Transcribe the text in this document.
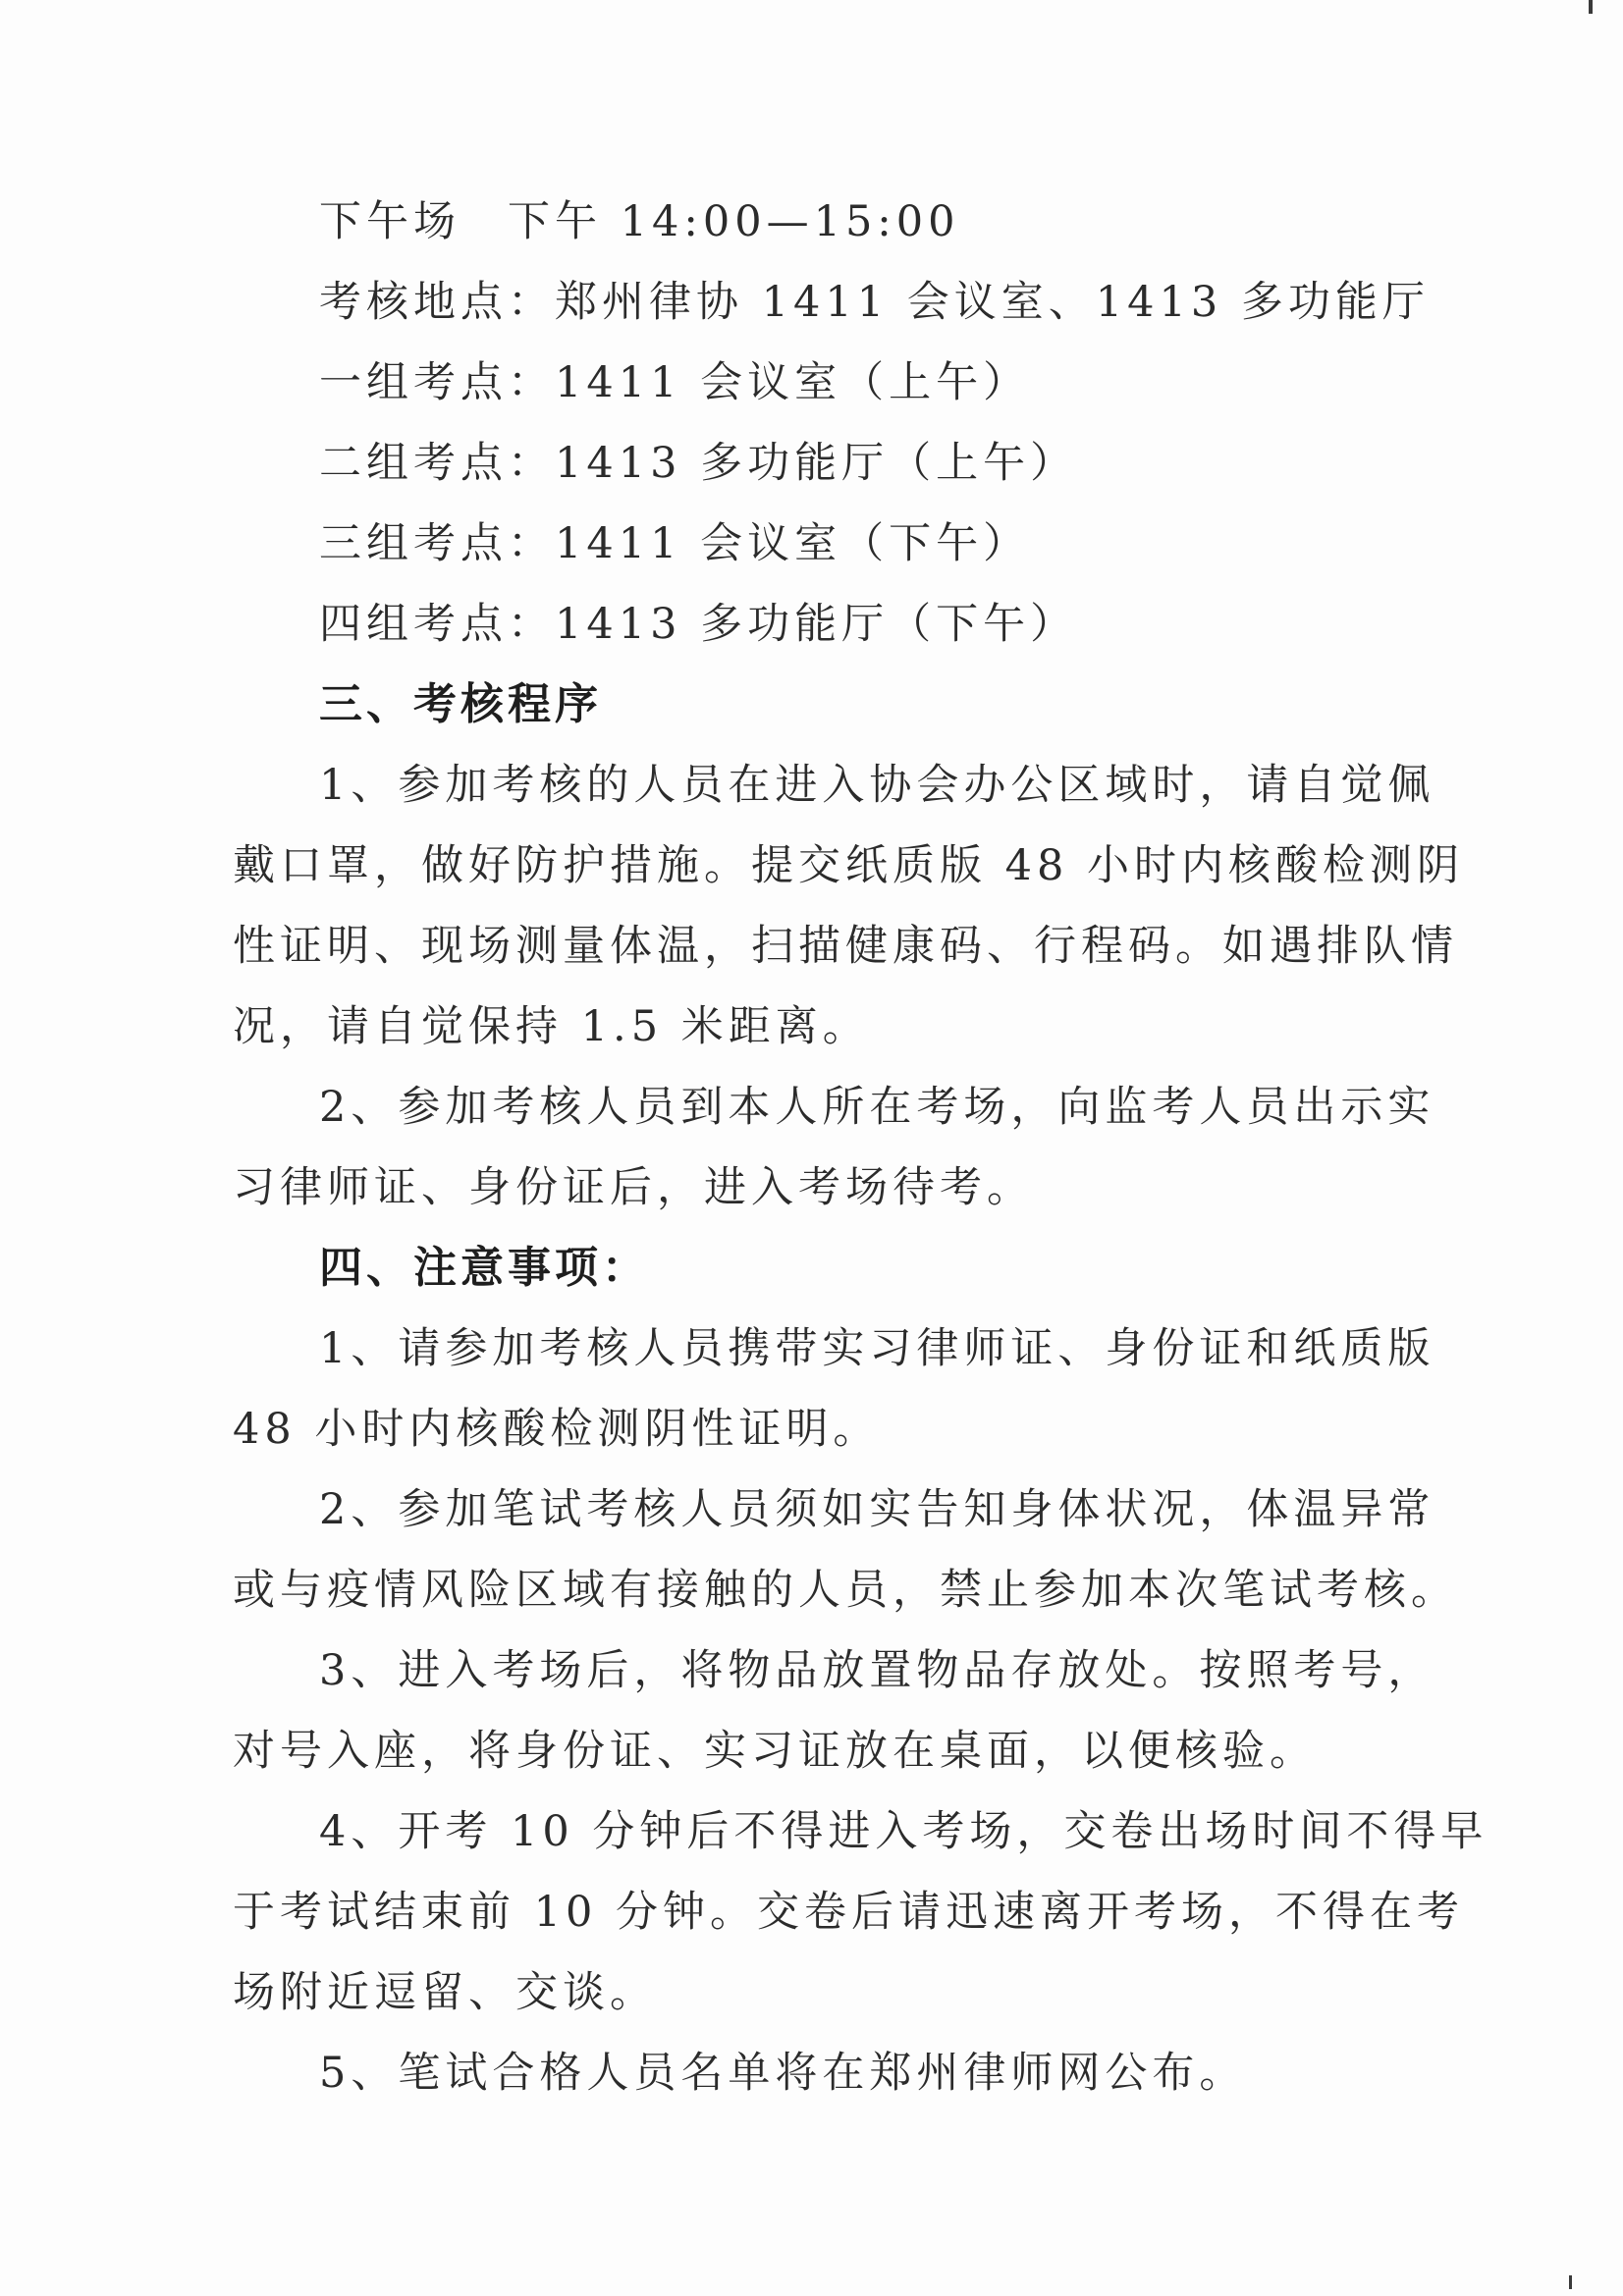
下午场　下午 14:00—15:00
考核地点：郑州律协 1411 会议室、1413 多功能厅
一组考点：1411 会议室（上午）
二组考点：1413 多功能厅（上午）
三组考点：1411 会议室（下午）
四组考点：1413 多功能厅（下午）
三、考核程序
1、参加考核的人员在进入协会办公区域时，请自觉佩
戴口罩，做好防护措施。提交纸质版 48 小时内核酸检测阴
性证明、现场测量体温，扫描健康码、行程码。如遇排队情
况，请自觉保持 1.5 米距离。
2、参加考核人员到本人所在考场，向监考人员出示实
习律师证、身份证后，进入考场待考。
四、注意事项：
1、请参加考核人员携带实习律师证、身份证和纸质版
48 小时内核酸检测阴性证明。
2、参加笔试考核人员须如实告知身体状况，体温异常
或与疫情风险区域有接触的人员，禁止参加本次笔试考核。
3、进入考场后，将物品放置物品存放处。按照考号，
对号入座，将身份证、实习证放在桌面，以便核验。
4、开考 10 分钟后不得进入考场，交卷出场时间不得早
于考试结束前 10 分钟。交卷后请迅速离开考场，不得在考
场附近逗留、交谈。
5、笔试合格人员名单将在郑州律师网公布。
